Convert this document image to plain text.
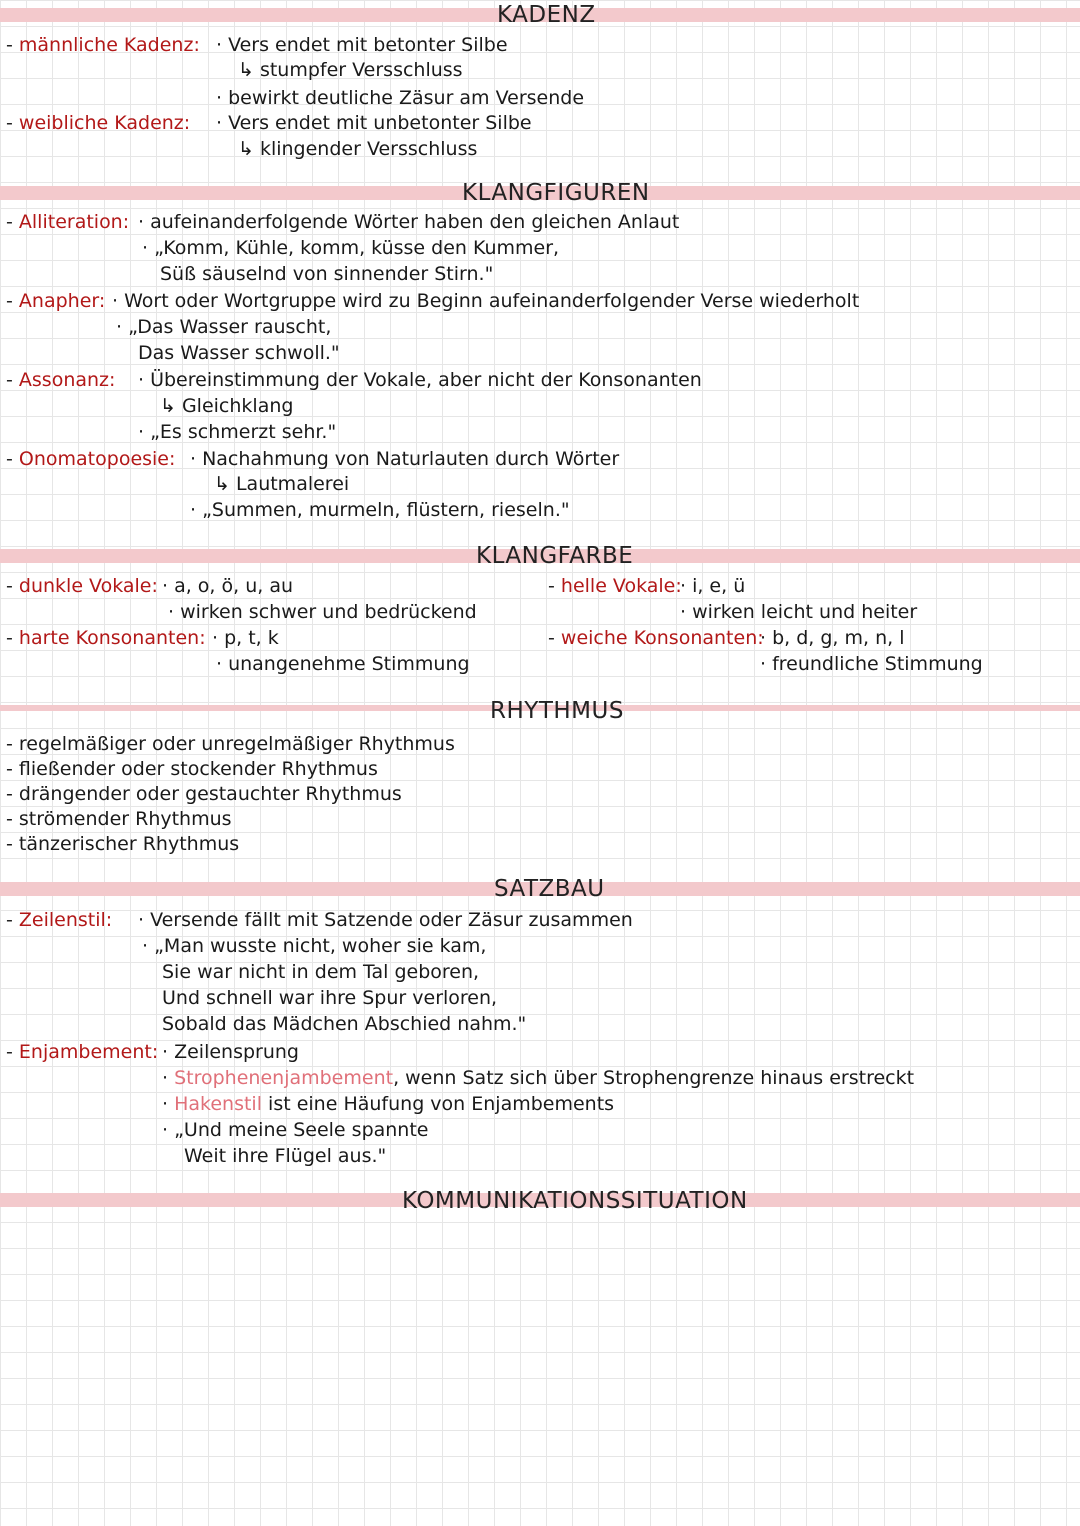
KADENZ
- männliche Kadenz: · Vers endet mit betonter Silbe
↳ stumpfer Versschluss
· bewirkt deutliche Zäsur am Versende
- weibliche Kadenz: · Vers endet mit unbetonter Silbe
↳ klingender Versschluss
KLANGFIGUREN
- Alliteration: · aufeinanderfolgende Wörter haben den gleichen Anlaut
· „Komm, Kühle, komm, küsse den Kummer,
Süß säuselnd von sinnender Stirn."
- Anapher: · Wort oder Wortgruppe wird zu Beginn aufeinanderfolgender Verse wiederholt
· „Das Wasser rauscht,
Das Wasser schwoll."
- Assonanz: · Übereinstimmung der Vokale, aber nicht der Konsonanten
↳ Gleichklang
· „Es schmerzt sehr."
- Onomatopoesie: · Nachahmung von Naturlauten durch Wörter
↳ Lautmalerei
· „Summen, murmeln, flüstern, rieseln."
KLANGFARBE
- dunkle Vokale: · a, o, ö, u, au
· wirken schwer und bedrückend
- harte Konsonanten: · p, t, k
· unangenehme Stimmung
- helle Vokale:
· i, e, ü
· wirken leicht und heiter
- weiche Konsonanten:
· b, d, g, m, n, l
· freundliche Stimmung
RHYTHMUS
- regelmäßiger oder unregelmäßiger Rhythmus
- fließender oder stockender Rhythmus
- drängender oder gestauchter Rhythmus
- strömender Rhythmus
- tänzerischer Rhythmus
SATZBAU
- Zeilenstil: · Versende fällt mit Satzende oder Zäsur zusammen
· „Man wusste nicht, woher sie kam,
Sie war nicht in dem Tal geboren,
Und schnell war ihre Spur verloren,
Sobald das Mädchen Abschied nahm."
- Enjambement: · Zeilensprung
· Strophenenjambement, wenn Satz sich über Strophengrenze hinaus erstreckt
· Hakenstil ist eine Häufung von Enjambements
· „Und meine Seele spannte
Weit ihre Flügel aus."
KOMMUNIKATIONSSITUATION
